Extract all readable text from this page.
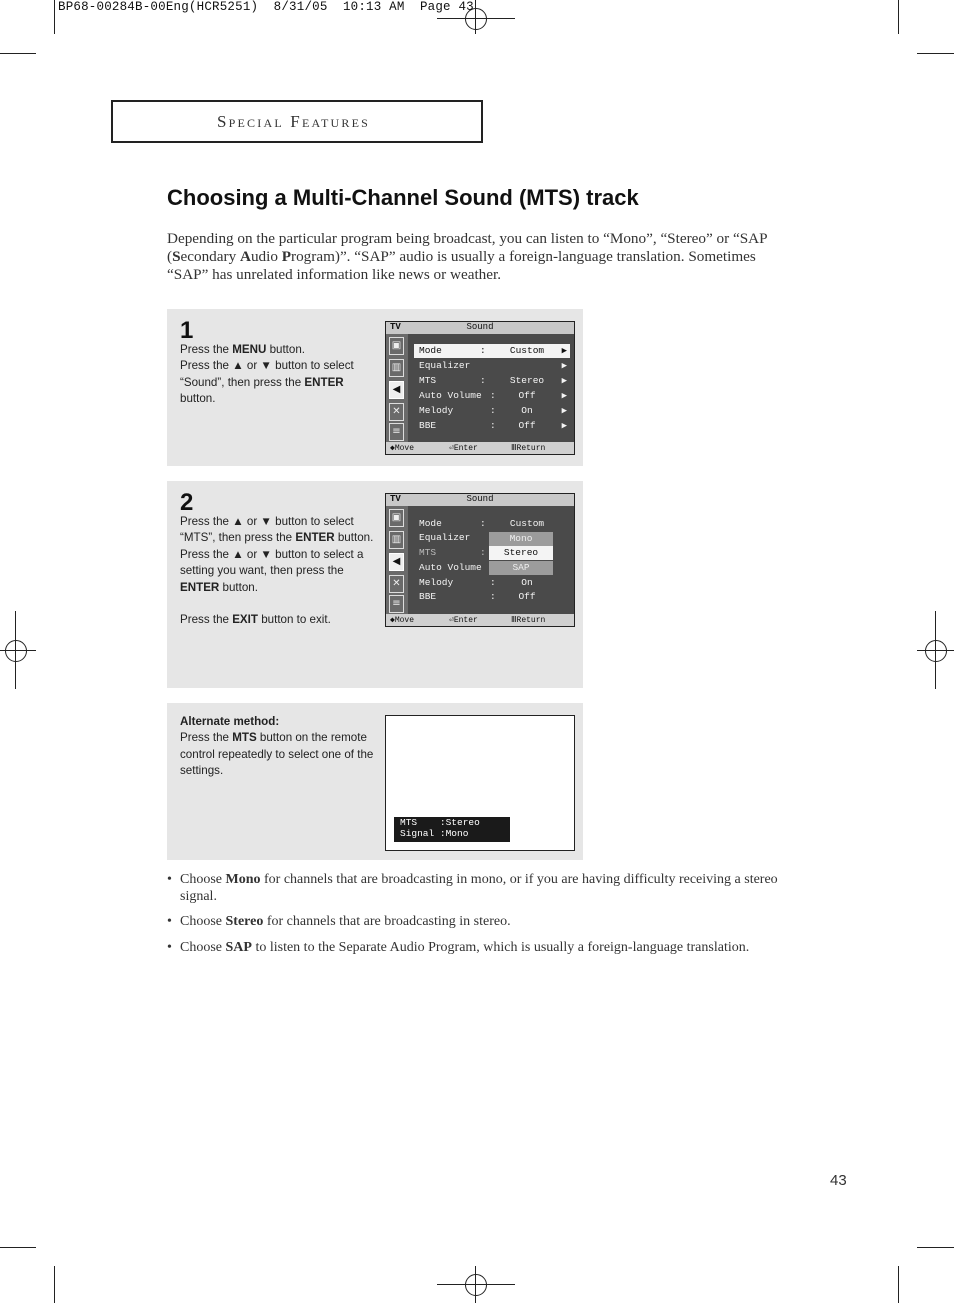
BP68-00284B-00Eng(HCR5251)  8/31/05  10:13 AM  Page 43
Special Features
Choosing a Multi-Channel Sound (MTS) track
Depending on the particular program being broadcast, you can listen to “Mono”, “Stereo” or “SAP (Secondary Audio Program)”. “SAP” audio is usually a foreign-language translation. Sometimes “SAP” has unrelated information like news or weather.
1
Press the MENU button.
Press the ▲ or ▼ button to select “Sound”, then press the ENTER button.
TV	Sound
▣
▥
◀
✕
≡
Mode	:	Custom	▶
Equalizer	▶
MTS	:	Stereo	▶
Auto Volume :	Off	▶
Melody	:	On	▶
BBE	:	Off	▶
◆Move	⏎Enter	ⅢReturn
2
Press the ▲ or ▼ button to select “MTS”, then press the ENTER button.
Press the ▲ or ▼ button to select a setting you want, then press the ENTER button.

Press the EXIT button to exit.
TV	Sound
▣
▥
◀
✕
≡
Mode	:	Custom
Equalizer
MTS	:
Auto Volume
Melody	:	On
BBE	:	Off
Mono
Stereo
SAP
◆Move	⏎Enter	ⅢReturn
Alternate method:
Press the MTS button on the remote control repeatedly to select one of the settings.
MTS    :Stereo
Signal :Mono
• Choose Mono for channels that are broadcasting in mono, or if you are having difficulty receiving a stereo signal.
• Choose Stereo for channels that are broadcasting in stereo.
• Choose SAP to listen to the Separate Audio Program, which is usually a foreign-language translation.
43
